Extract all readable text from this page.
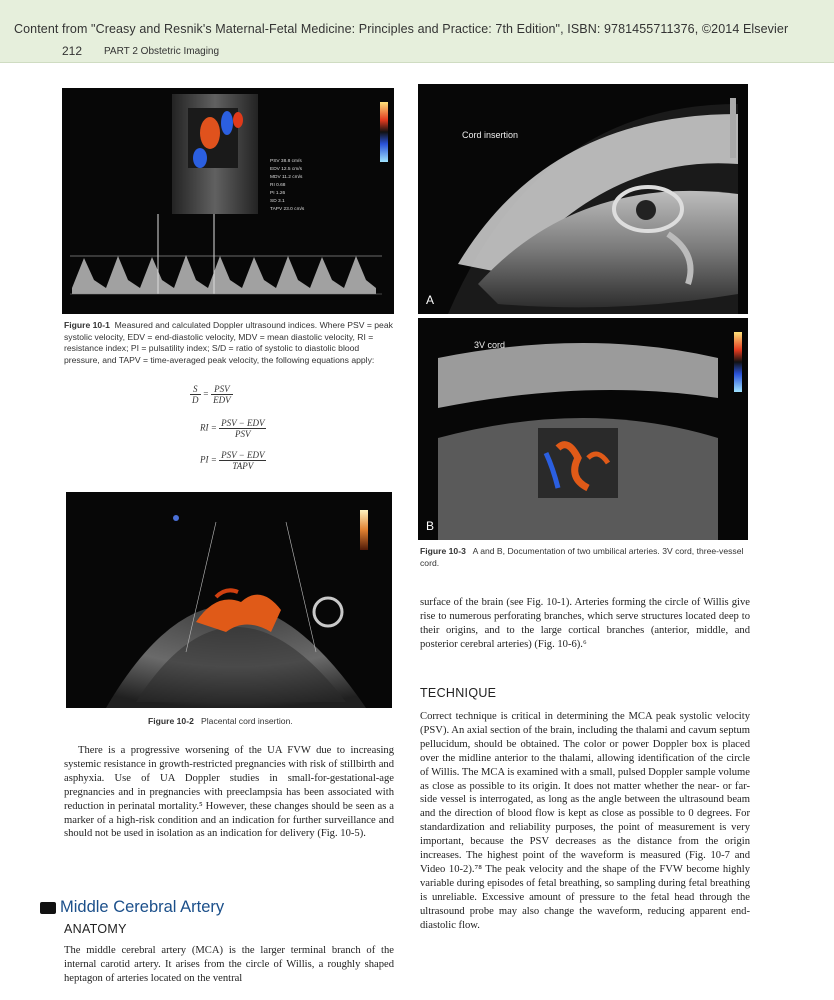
Content from "Creasy and Resnik's Maternal-Fetal Medicine: Principles and Practice: 7th Edition", ISBN: 9781455711376, ©2014 Elsevier
212 PART 2 Obstetric Imaging
PSV 38.8 cm/s
EDV 12.5 cm/s
MDV 11.2 cm/s
RI 0.68
PI 1.26
SD 3.1
TAPV 23.0 cm/s
Figure 10-1 Measured and calculated Doppler ultrasound indices. Where PSV = peak systolic velocity, EDV = end-diastolic velocity, MDV = mean diastolic velocity, RI = resistance index; PI = pulsatility index; S/D = ratio of systolic to diastolic blood pressure, and TAPV = time-averaged peak velocity, the following equations apply:
$\frac{S}{D} = \frac{\text{PSV}}{\text{EDV}}$
RI = $\frac{\text{PSV − EDV}}{\text{PSV}}$
PI = $\frac{\text{PSV − EDV}}{\text{TAPV}}$
Figure 10-2 Placental cord insertion.

There is a progressive worsening of the UA FVW due to increasing systemic resistance in growth-restricted pregnancies with risk of stillbirth and asphyxia. Use of UA Doppler studies in small-for-gestational-age pregnancies and in pregnancies with preeclampsia has been associated with reduction in perinatal mortality.⁵ However, these changes should be seen as a marker of a high-risk condition and an indication for further surveillance and should not be used in isolation as an indication for delivery (Fig. 10-5).

Middle Cerebral Artery
ANATOMY

The middle cerebral artery (MCA) is the larger terminal branch of the internal carotid artery. It arises from the circle of Willis, a roughly shaped heptagon of arteries located on the ventral

Cord insertion
A
3V cord
B
Figure 10-3 A and B, Documentation of two umbilical arteries. 3V cord, three-vessel cord.

surface of the brain (see Fig. 10-1). Arteries forming the circle of Willis give rise to numerous perforating branches, which serve structures located deep to their origins, and to the large cortical branches (anterior, middle, and posterior cerebral arteries) (Fig. 10-6).⁶

TECHNIQUE

Correct technique is critical in determining the MCA peak systolic velocity (PSV). An axial section of the brain, including the thalami and cavum septum pellucidum, should be obtained. The color or power Doppler box is placed over the midline anterior to the thalami, allowing identification of the circle of Willis. The MCA is examined with a small, pulsed Doppler sample volume as close as possible to its origin. It does not matter whether the near- or far-side vessel is interrogated, as long as the angle between the ultrasound beam and the direction of blood flow is kept as close as possible to 0 degrees. For standardization and reliability purposes, the point of measurement is very important, because the PSV decreases as the distance from the origin increases. The highest point of the waveform is measured (Fig. 10-7 and Video 10-2).⁷⁸ The peak velocity and the shape of the FVW become highly variable during episodes of fetal breathing, so sampling during fetal breathing is unreliable. Excessive amount of pressure to the fetal head through the ultrasound probe may also change the waveform, reducing apparent end-diastolic flow.
